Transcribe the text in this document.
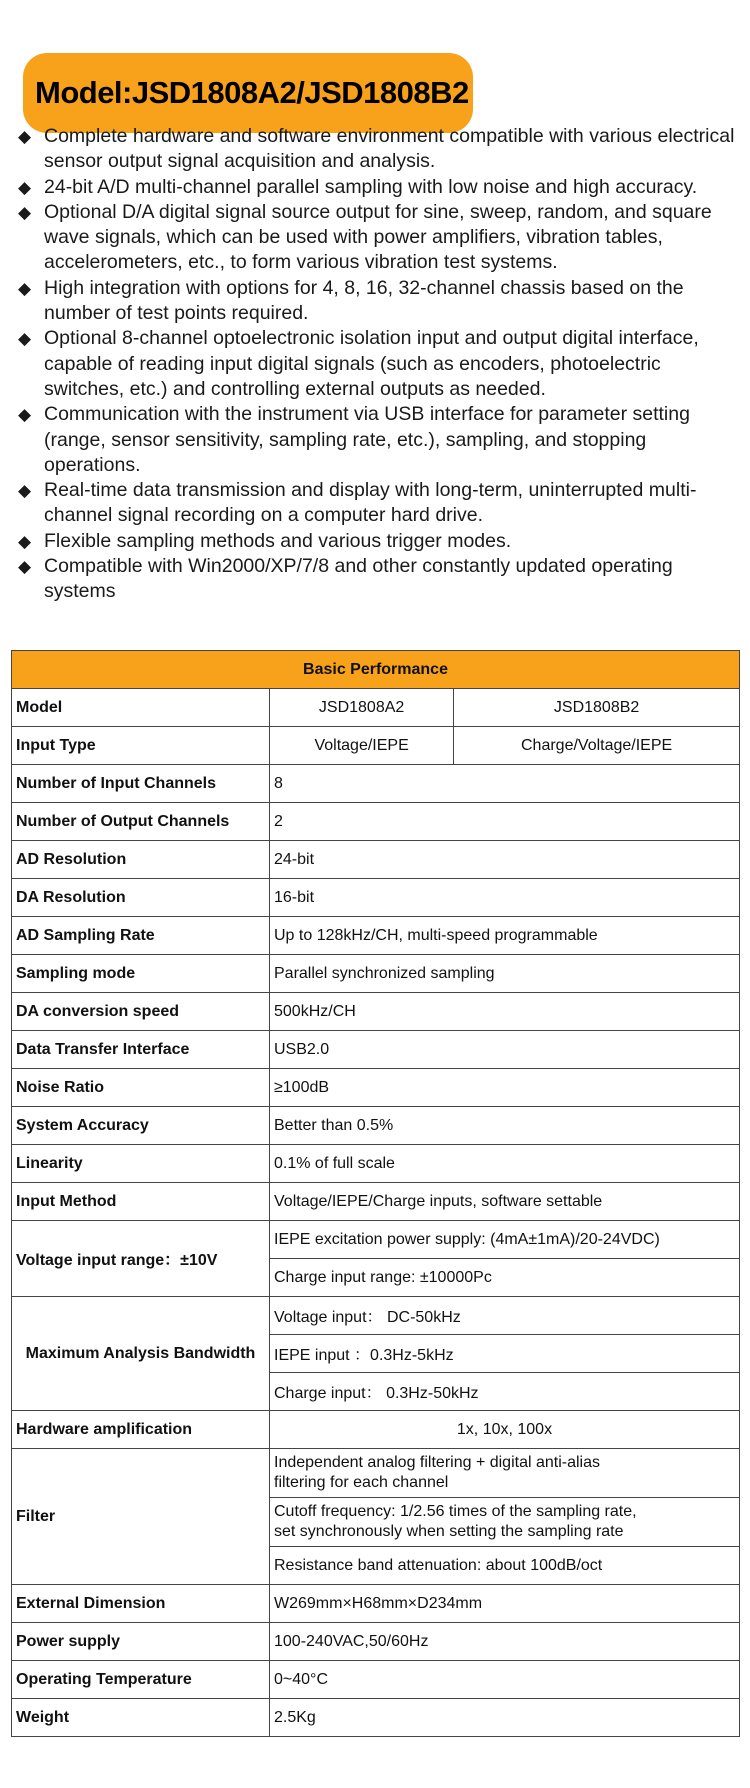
Model:JSD1808A2/JSD1808B2
◆ Complete hardware and software environment compatible with various electrical sensor output signal acquisition and analysis.
◆ 24-bit A/D multi-channel parallel sampling with low noise and high accuracy.
◆ Optional D/A digital signal source output for sine, sweep, random, and square wave signals, which can be used with power amplifiers, vibration tables, accelerometers, etc., to form various vibration test systems.
◆ High integration with options for 4, 8, 16, 32-channel chassis based on the number of test points required.
◆ Optional 8-channel optoelectronic isolation input and output digital interface, capable of reading input digital signals (such as encoders, photoelectric switches, etc.) and controlling external outputs as needed.
◆ Communication with the instrument via USB interface for parameter setting (range, sensor sensitivity, sampling rate, etc.), sampling, and stopping operations.
◆ Real-time data transmission and display with long-term, uninterrupted multi-channel signal recording on a computer hard drive.
◆ Flexible sampling methods and various trigger modes.
◆ Compatible with Win2000/XP/7/8 and other constantly updated operating systems
Basic Performance		
Model	JSD1808A2	JSD1808B2
Input Type	Voltage/IEPE	Charge/Voltage/IEPE
Number of Input Channels	8	
Number of Output Channels	2	
AD Resolution	24-bit	
DA Resolution	16-bit	
AD Sampling Rate	Up to 128kHz/CH, multi-speed programmable	
Sampling mode	Parallel synchronized sampling	
DA conversion speed	500kHz/CH	
Data Transfer Interface	USB2.0	
Noise Ratio	≥100dB	
System Accuracy	Better than 0.5%	
Linearity	0.1% of full scale	
Input Method	Voltage/IEPE/Charge inputs, software settable	
Voltage input range：±10V	IEPE excitation power supply: (4mA±1mA)/20-24VDC)	
	Charge input range: ±10000Pc	
Maximum Analysis Bandwidth	Voltage input： DC-50kHz	
	IEPE input ：0.3Hz-5kHz	
	Charge input： 0.3Hz-50kHz	
Hardware amplification	1x, 10x, 100x	
Filter	Independent analog filtering + digital anti-alias
filtering for each channel	
	Cutoff frequency: 1/2.56 times of the sampling rate,
set synchronously when setting the sampling rate	
	Resistance band attenuation: about 100dB/oct	
External Dimension	W269mm×H68mm×D234mm	
Power supply	100-240VAC,50/60Hz	
Operating Temperature	0~40°C	
Weight	2.5Kg	
